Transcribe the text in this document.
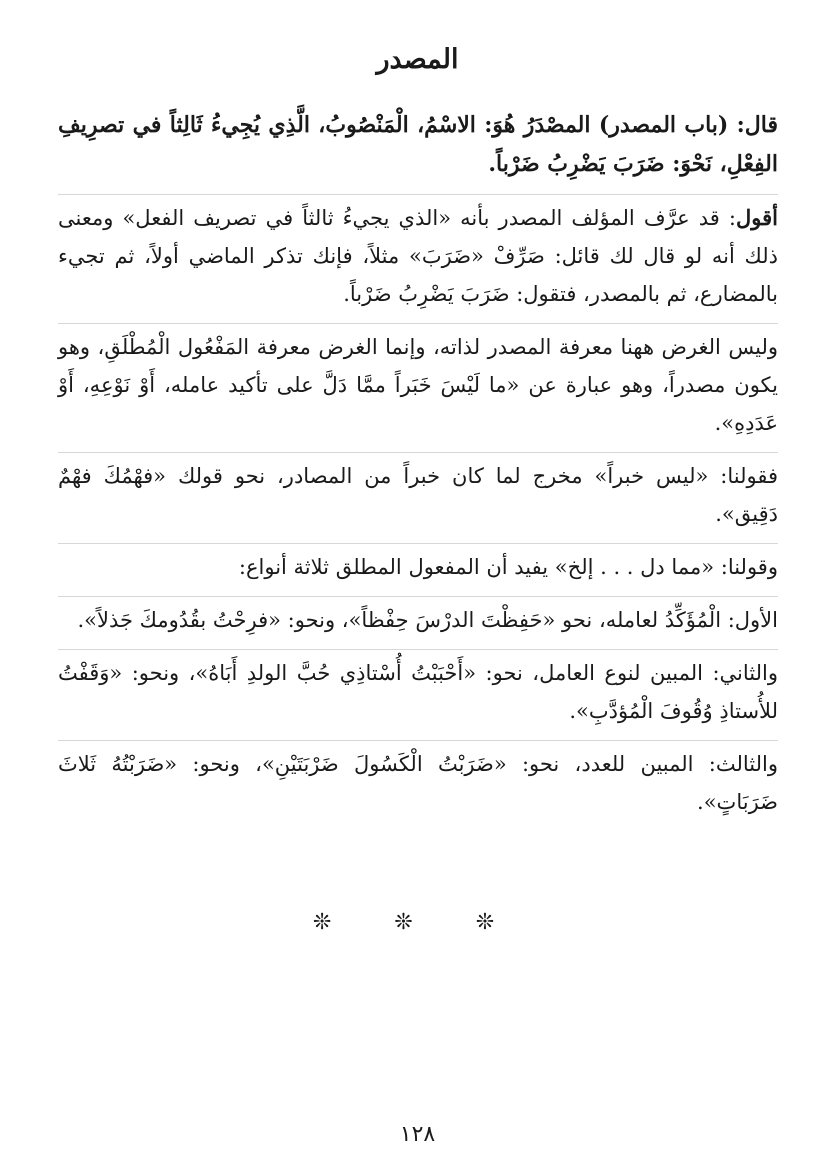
المصدر

قال: (باب المصدر) المصْدَرُ هُوَ: الاسْمُ، الْمَنْصُوبُ، الَّذِي يُجِيءُ ثَالِثاً في تصرِيفِ الفِعْلِ، نَحْوَ: ضَرَبَ يَضْرِبُ ضَرْباً.

أقول: قد عرَّف المؤلف المصدر بأنه «الذي يجيءُ ثالثاً في تصريف الفعل» ومعنى ذلك أنه لو قال لك قائل: صَرِّفْ «ضَرَبَ» مثلاً، فإنك تذكر الماضي أولاً، ثم تجيء بالمضارع، ثم بالمصدر، فتقول: ضَرَبَ يَضْرِبُ ضَرْباً.

وليس الغرض ههنا معرفة المصدر لذاته، وإنما الغرض معرفة المَفْعُول الْمُطْلَقِ، وهو يكون مصدراً، وهو عبارة عن «ما لَيْسَ خَبَراً ممَّا دَلَّ على تأكيد عامله، أَوْ نَوْعِهِ، أَوْ عَدَدِهِ».

فقولنا: «ليس خبراً» مخرج لما كان خبراً من المصادر، نحو قولك «فهْمُكَ فهْمٌ دَقِيق».

وقولنا: «مما دل . . . إلخ» يفيد أن المفعول المطلق ثلاثة أنواع:

الأول: الْمُؤَكِّدُ لعامله، نحو «حَفِظْتَ الدرْسَ حِفْظاً»، ونحو: «فرِحْتُ بقُدُومكَ جَذلاً».

والثاني: المبين لنوع العامل، نحو: «أَحْبَبْتُ أُسْتاذِي حُبَّ الولدِ أَبَاهُ»، ونحو: «وَقَفْتُ للأُستاذِ وُقُوفَ الْمُؤدَّبِ».

والثالث: المبين للعدد، نحو: «ضَرَبْتُ الْكَسُولَ ضَرْبَتَيْنِ»، ونحو: «ضَرَبْتُهُ ثَلاثَ ضَرَبَاتٍ».

❊ ❊ ❊
١٢٨
